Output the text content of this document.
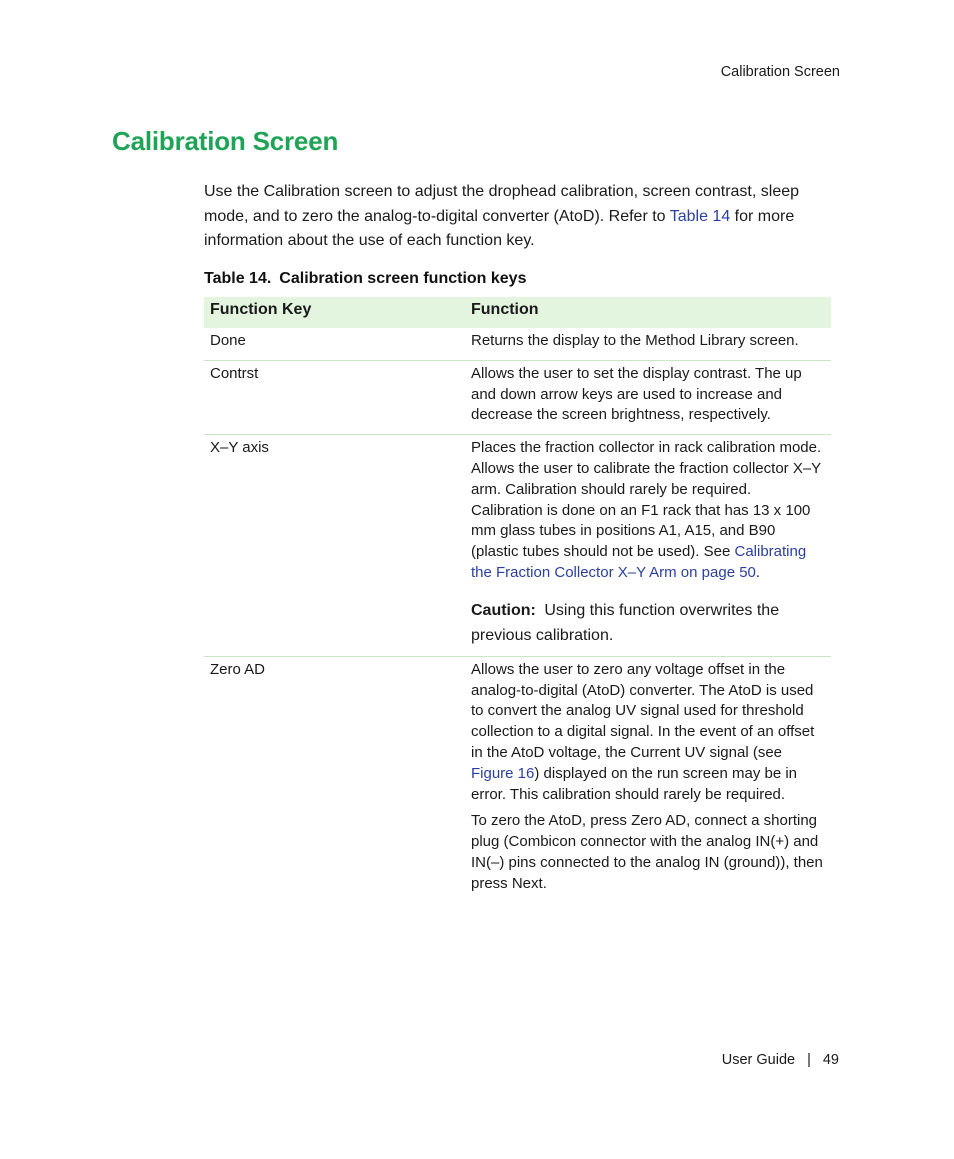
Calibration Screen
Calibration Screen

Use the Calibration screen to adjust the drophead calibration, screen contrast, sleep mode, and to zero the analog-to-digital converter (AtoD). Refer to Table 14 for more information about the use of each function key.

Table 14. Calibration screen function keys

Function Key	Function
Done	Returns the display to the Method Library screen.
Contrst	Allows the user to set the display contrast. The up and down arrow keys are used to increase and decrease the screen brightness, respectively.
X–Y axis	Places the fraction collector in rack calibration mode. Allows the user to calibrate the fraction collector X–Y arm. Calibration should rarely be required. Calibration is done on an F1 rack that has 13 x 100 mm glass tubes in positions A1, A15, and B90 (plastic tubes should not be used). See Calibrating the Fraction Collector X–Y Arm on page 50.

Caution: Using this function overwrites the previous calibration.

Zero AD	Allows the user to zero any voltage offset in the analog-to-digital (AtoD) converter. The AtoD is used to convert the analog UV signal used for threshold collection to a digital signal. In the event of an offset in the AtoD voltage, the Current UV signal (see Figure 16) displayed on the run screen may be in error. This calibration should rarely be required.

To zero the AtoD, press Zero AD, connect a shorting plug (Combicon connector with the analog IN(+) and IN(–) pins connected to the analog IN (ground)), then press Next.

User Guide | 49
